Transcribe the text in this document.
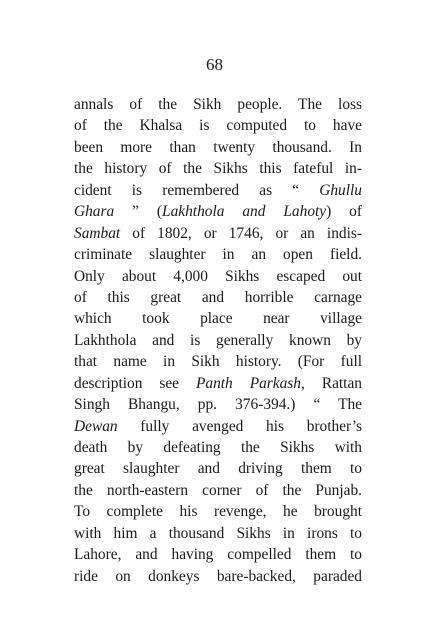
68
annals of the Sikh people. The loss
of the Khalsa is computed to have
been more than twenty thousand. In
the history of the Sikhs this fateful in-
cident is remembered as “ Ghullu
Ghara ” (Lakhthola and Lahoty) of
Sambat of 1802, or 1746, or an indis-
criminate slaughter in an open field.
Only about 4,000 Sikhs escaped out
of this great and horrible carnage
which took place near village
Lakhthola and is generally known by
that name in Sikh history. (For full
description see Panth Parkash, Rattan
Singh Bhangu, pp. 376-394.) “ The
Dewan fully avenged his brother’s
death by defeating the Sikhs with
great slaughter and driving them to
the north-eastern corner of the Punjab.
To complete his revenge, he brought
with him a thousand Sikhs in irons to
Lahore, and having compelled them to
ride on donkeys bare-backed, paraded
